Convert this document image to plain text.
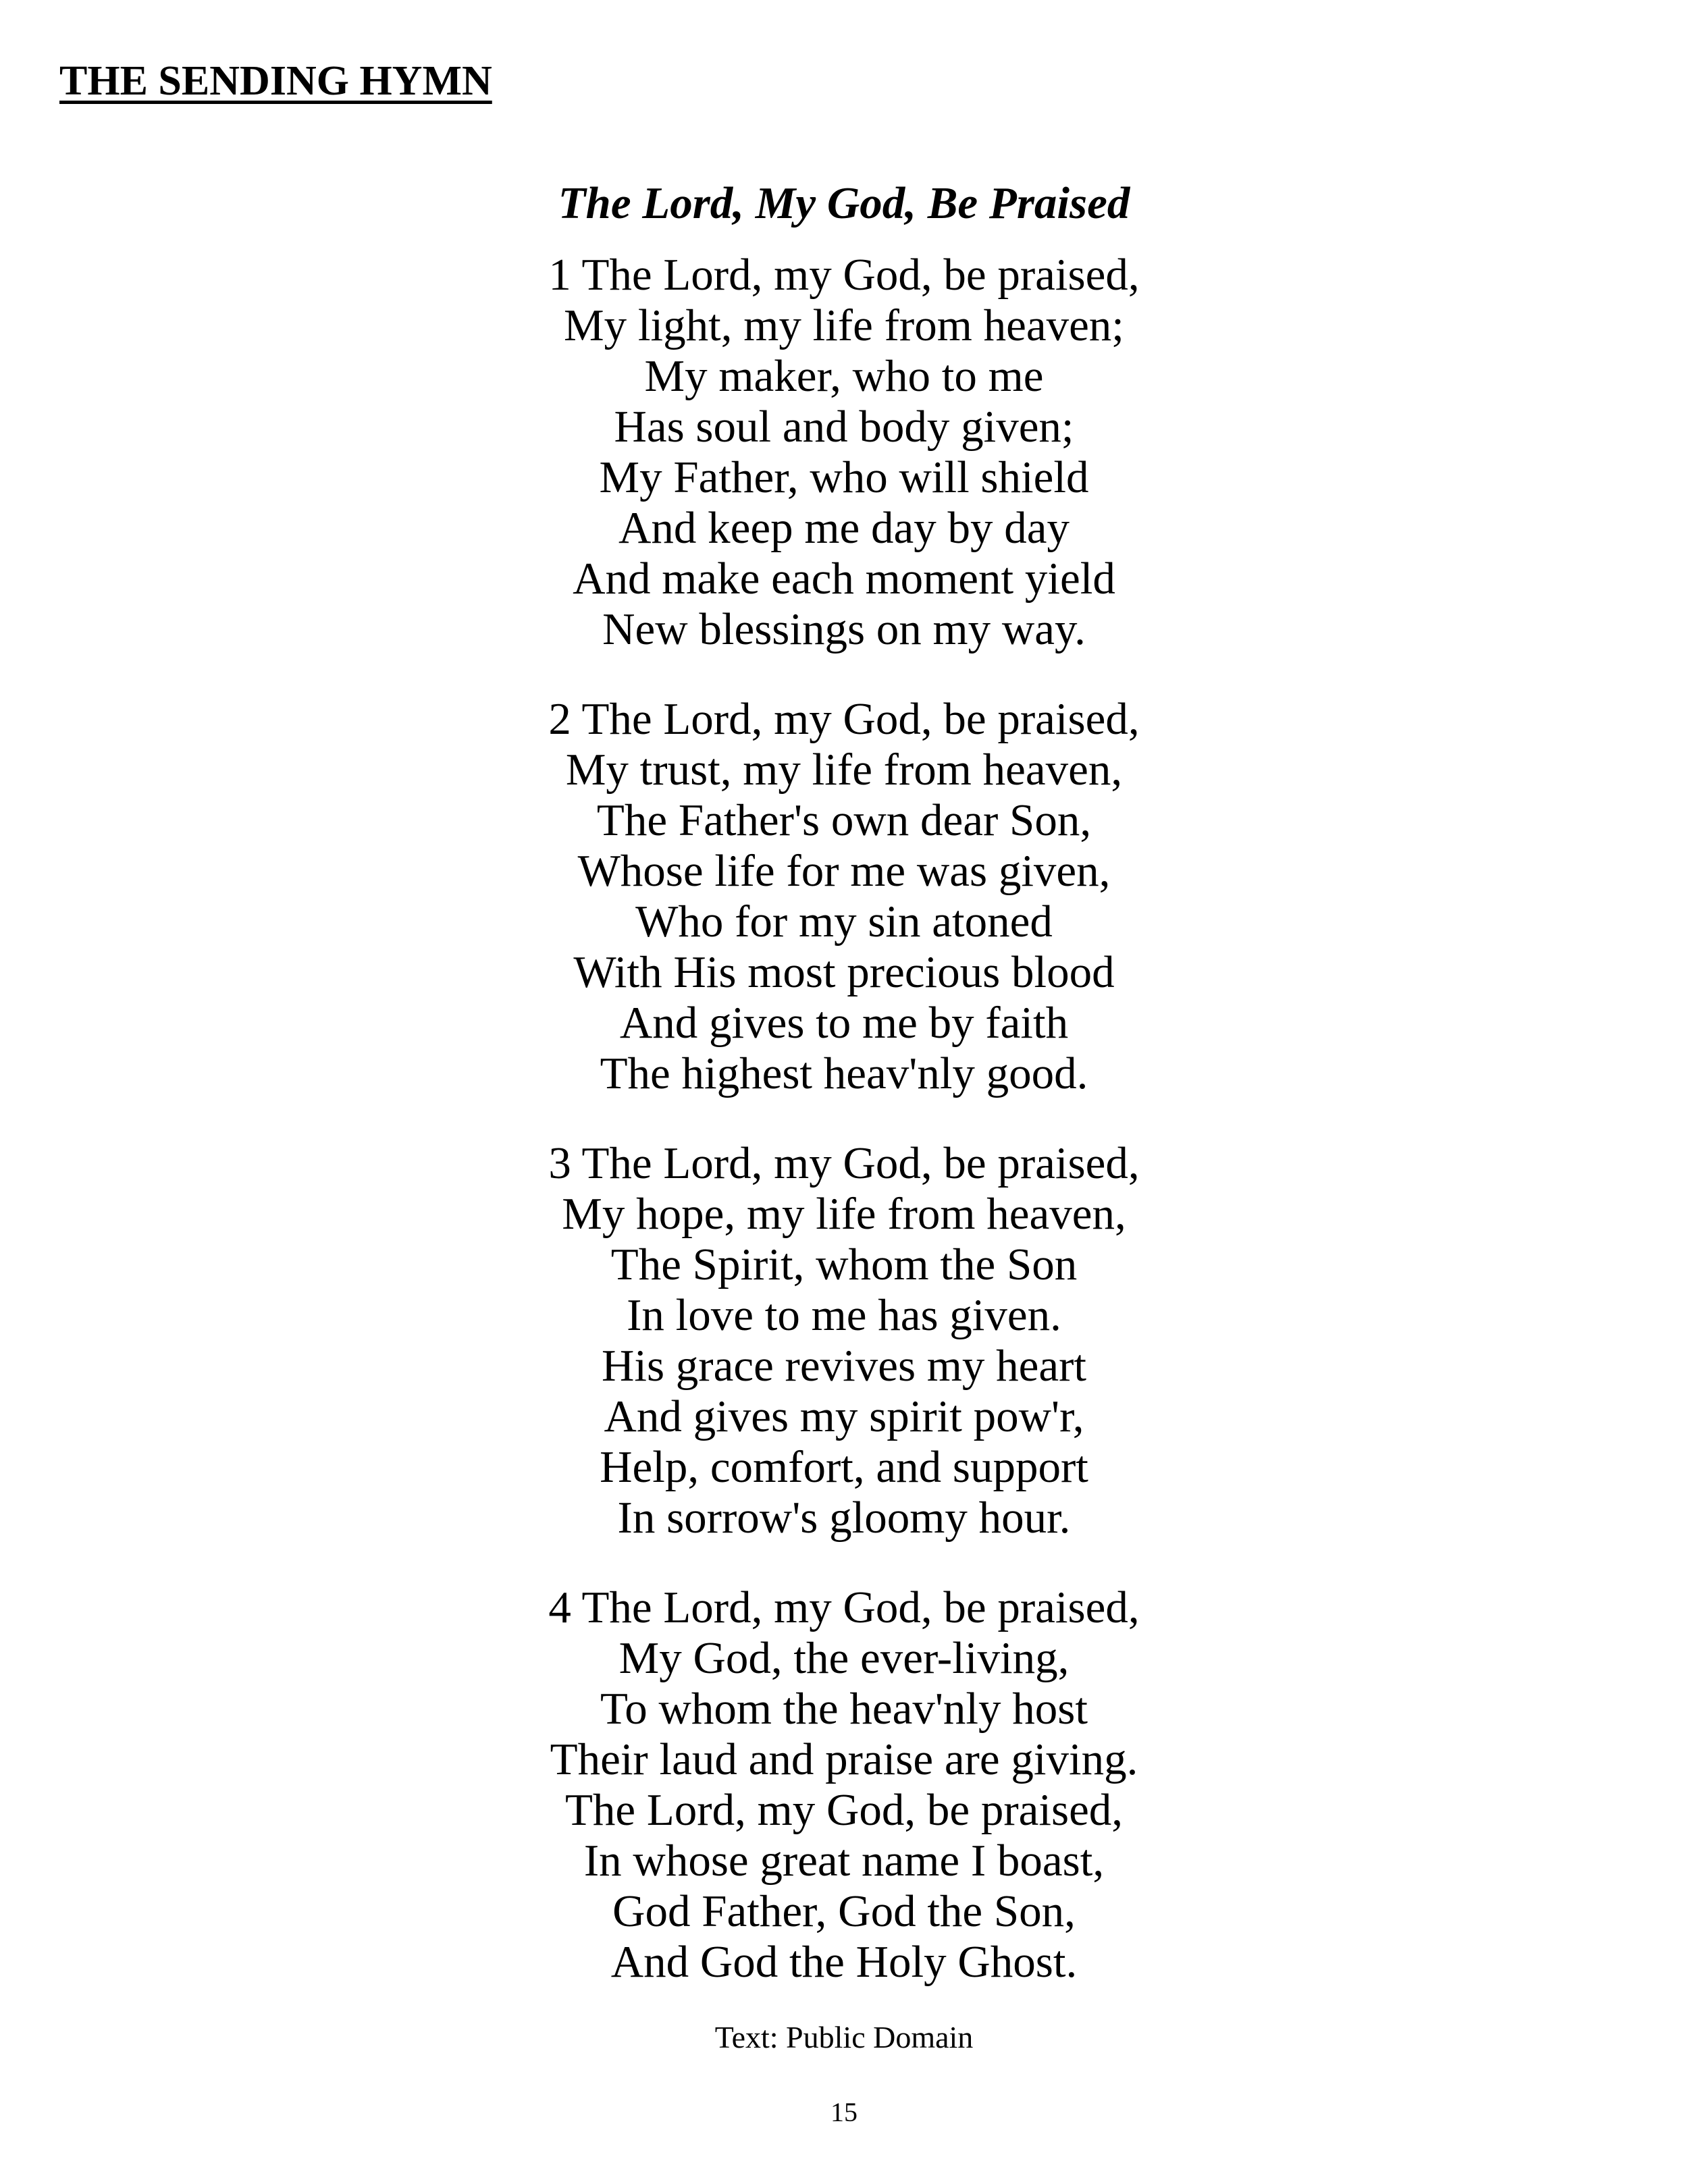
THE SENDING HYMN
The Lord, My God, Be Praised
1 The Lord, my God, be praised,
My light, my life from heaven;
My maker, who to me
Has soul and body given;
My Father, who will shield
And keep me day by day
And make each moment yield
New blessings on my way.
2 The Lord, my God, be praised,
My trust, my life from heaven,
The Father's own dear Son,
Whose life for me was given,
Who for my sin atoned
With His most precious blood
And gives to me by faith
The highest heav'nly good.
3 The Lord, my God, be praised,
My hope, my life from heaven,
The Spirit, whom the Son
In love to me has given.
His grace revives my heart
And gives my spirit pow'r,
Help, comfort, and support
In sorrow's gloomy hour.
4 The Lord, my God, be praised,
My God, the ever-living,
To whom the heav'nly host
Their laud and praise are giving.
The Lord, my God, be praised,
In whose great name I boast,
God Father, God the Son,
And God the Holy Ghost.

Text: Public Domain

15
